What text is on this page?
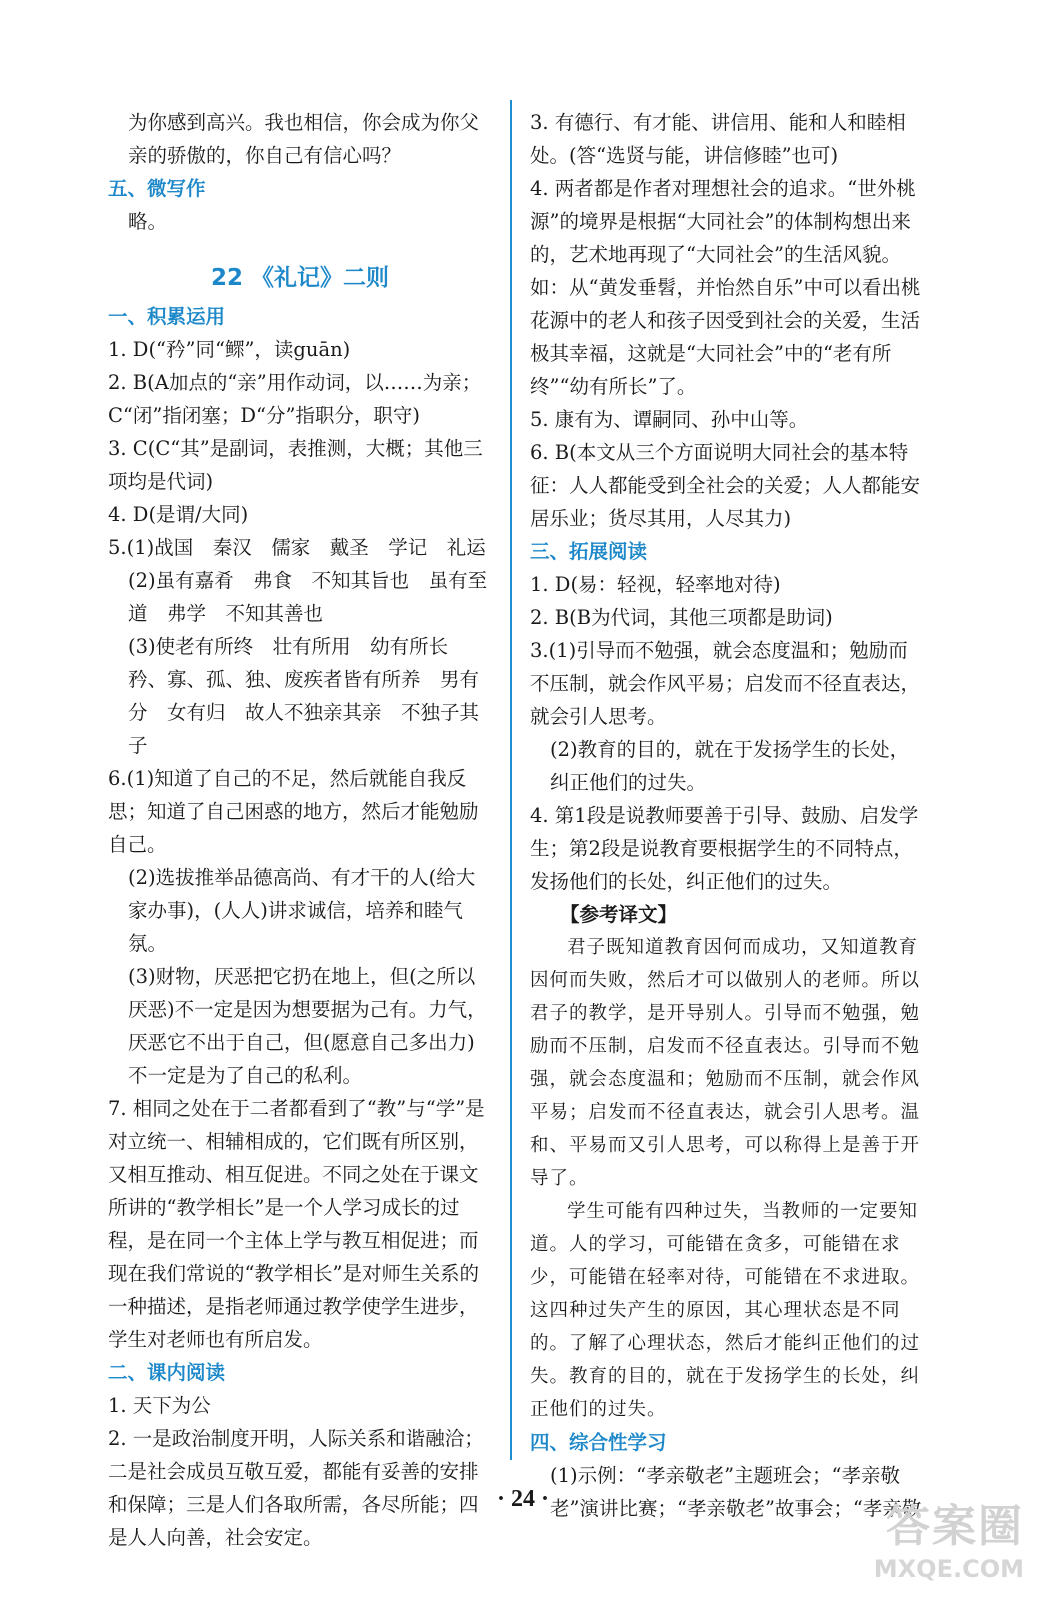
为你感到高兴。我也相信，你会成为你父亲的骄傲的，你自己有信心吗？

五、微写作

略。

22 《礼记》二则
一、积累运用

1. D(“矜”同“鳏”，读guān)

2. B(A加点的“亲”用作动词，以……为亲；C“闭”指闭塞；D“分”指职分，职守)

3. C(C“其”是副词，表推测，大概；其他三项均是代词)

4. D(是谓/大同)

5.(1)战国　秦汉　儒家　戴圣　学记　礼运

(2)虽有嘉肴　弗食　不知其旨也　虽有至道　弗学　不知其善也

(3)使老有所终　壮有所用　幼有所长　矜、寡、孤、独、废疾者皆有所养　男有分　女有归　故人不独亲其亲　不独子其子

6.(1)知道了自己的不足，然后就能自我反思；知道了自己困惑的地方，然后才能勉励自己。

(2)选拔推举品德高尚、有才干的人(给大家办事)，(人人)讲求诚信，培养和睦气氛。

(3)财物，厌恶把它扔在地上，但(之所以厌恶)不一定是因为想要据为己有。力气，厌恶它不出于自己，但(愿意自己多出力)不一定是为了自己的私利。

7. 相同之处在于二者都看到了“教”与“学”是对立统一、相辅相成的，它们既有所区别，又相互推动、相互促进。不同之处在于课文所讲的“教学相长”是一个人学习成长的过程，是在同一个主体上学与教互相促进；而现在我们常说的“教学相长”是对师生关系的一种描述，是指老师通过教学使学生进步，学生对老师也有所启发。

二、课内阅读

1. 天下为公

2. 一是政治制度开明，人际关系和谐融洽；二是社会成员互敬互爱，都能有妥善的安排和保障；三是人们各取所需，各尽所能；四是人人向善，社会安定。

3. 有德行、有才能、讲信用、能和人和睦相处。(答“选贤与能，讲信修睦”也可)

4. 两者都是作者对理想社会的追求。“世外桃源”的境界是根据“大同社会”的体制构想出来的，艺术地再现了“大同社会”的生活风貌。如：从“黄发垂髫，并怡然自乐”中可以看出桃花源中的老人和孩子因受到社会的关爱，生活极其幸福，这就是“大同社会”中的“老有所终”“幼有所长”了。

5. 康有为、谭嗣同、孙中山等。

6. B(本文从三个方面说明大同社会的基本特征：人人都能受到全社会的关爱；人人都能安居乐业；货尽其用，人尽其力)

三、拓展阅读

1. D(易：轻视，轻率地对待)

2. B(B为代词，其他三项都是助词)

3.(1)引导而不勉强，就会态度温和；勉励而不压制，就会作风平易；启发而不径直表达，就会引人思考。

(2)教育的目的，就在于发扬学生的长处，纠正他们的过失。

4. 第1段是说教师要善于引导、鼓励、启发学生；第2段是说教育要根据学生的不同特点，发扬他们的长处，纠正他们的过失。

【参考译文】

君子既知道教育因何而成功，又知道教育因何而失败，然后才可以做别人的老师。所以君子的教学，是开导别人。引导而不勉强，勉励而不压制，启发而不径直表达。引导而不勉强，就会态度温和；勉励而不压制，就会作风平易；启发而不径直表达，就会引人思考。温和、平易而又引人思考，可以称得上是善于开导了。

学生可能有四种过失，当教师的一定要知道。人的学习，可能错在贪多，可能错在求少，可能错在轻率对待，可能错在不求进取。这四种过失产生的原因，其心理状态是不同的。了解了心理状态，然后才能纠正他们的过失。教育的目的，就在于发扬学生的长处，纠正他们的过失。

四、综合性学习

(1)示例：“孝亲敬老”主题班会；“孝亲敬老”演讲比赛；“孝亲敬老”故事会；“孝亲敬

· 24 ·
答案圈
MXQE.COM
